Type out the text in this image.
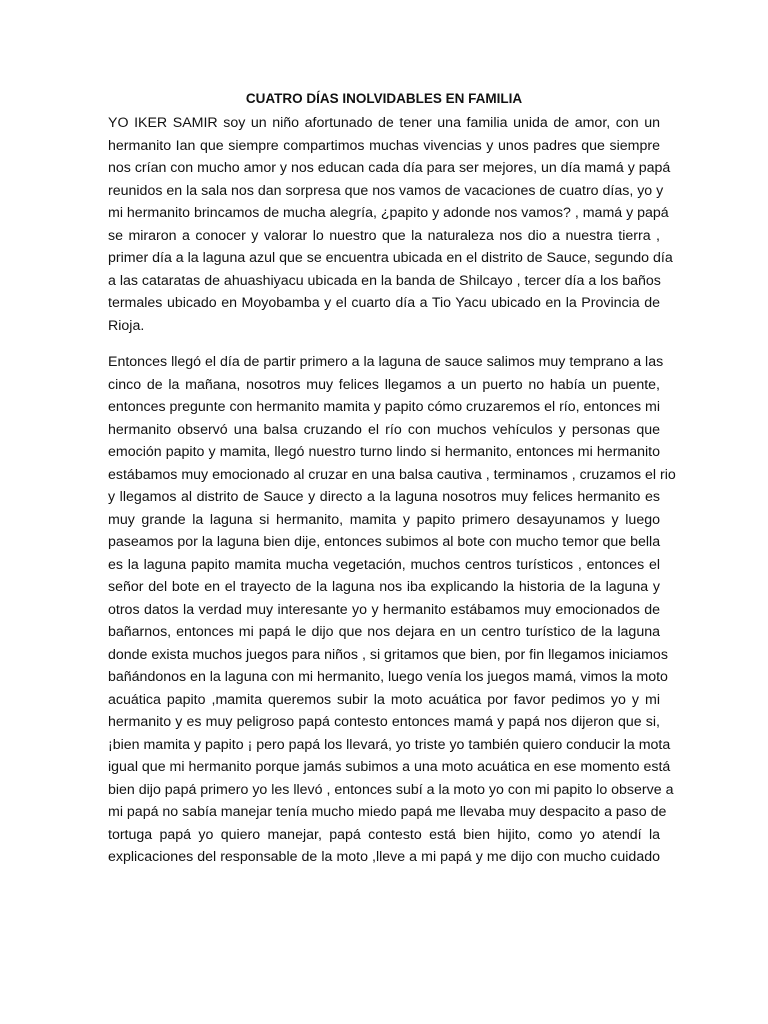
CUATRO DÍAS INOLVIDABLES EN FAMILIA
YO IKER SAMIR soy un niño afortunado de tener una familia unida de amor, con un
hermanito Ian que siempre compartimos muchas vivencias y unos padres que siempre
nos crían con mucho amor y nos educan cada día para ser mejores, un día mamá y papá
reunidos en la sala nos dan sorpresa que nos vamos de vacaciones de cuatro días, yo y
mi hermanito brincamos de mucha alegría, ¿papito y adonde nos vamos? , mamá y papá
se miraron a conocer y valorar lo nuestro que la naturaleza nos dio a nuestra tierra ,
primer día a la laguna azul que se encuentra ubicada en el distrito de Sauce, segundo día
a las cataratas de ahuashiyacu ubicada en la banda de Shilcayo , tercer día a los baños
termales ubicado en Moyobamba y el cuarto día a Tio Yacu ubicado en la Provincia de
Rioja.
Entonces llegó el día de partir primero a la laguna de sauce salimos muy temprano a las
cinco de la mañana, nosotros muy felices llegamos a un puerto no había un puente,
entonces pregunte con hermanito mamita y papito cómo cruzaremos el río, entonces mi
hermanito observó una balsa cruzando el río con muchos vehículos y personas que
emoción papito y mamita, llegó nuestro turno lindo si hermanito, entonces mi hermanito
estábamos muy emocionado al cruzar en una balsa cautiva , terminamos , cruzamos el rio
y llegamos al distrito de Sauce y directo a la laguna nosotros muy felices hermanito es
muy grande la laguna si hermanito, mamita y papito primero desayunamos y luego
paseamos por la laguna bien dije, entonces subimos al bote con mucho temor que bella
es la laguna papito mamita mucha vegetación, muchos centros turísticos , entonces el
señor del bote en el trayecto de la laguna nos iba explicando la historia de la laguna y
otros datos la verdad muy interesante yo y hermanito estábamos muy emocionados de
bañarnos, entonces mi papá le dijo que nos dejara en un centro turístico de la laguna
donde exista muchos juegos para niños , si gritamos que bien, por fin llegamos iniciamos
bañándonos en la laguna con mi hermanito, luego venía los juegos mamá, vimos la moto
acuática papito ,mamita queremos subir la moto acuática por favor pedimos yo y mi
hermanito y es muy peligroso papá contesto entonces mamá y papá nos dijeron que si,
¡bien mamita y papito ¡ pero papá los llevará, yo triste yo también quiero conducir la mota
igual que mi hermanito porque jamás subimos a una moto acuática en ese momento está
bien dijo papá primero yo les llevó , entonces subí a la moto yo con mi papito lo observe a
mi papá no sabía manejar tenía mucho miedo papá me llevaba muy despacito a paso de
tortuga papá yo quiero manejar, papá contesto está bien hijito, como yo atendí la
explicaciones del responsable de la moto ,lleve a mi papá y me dijo con mucho cuidado
